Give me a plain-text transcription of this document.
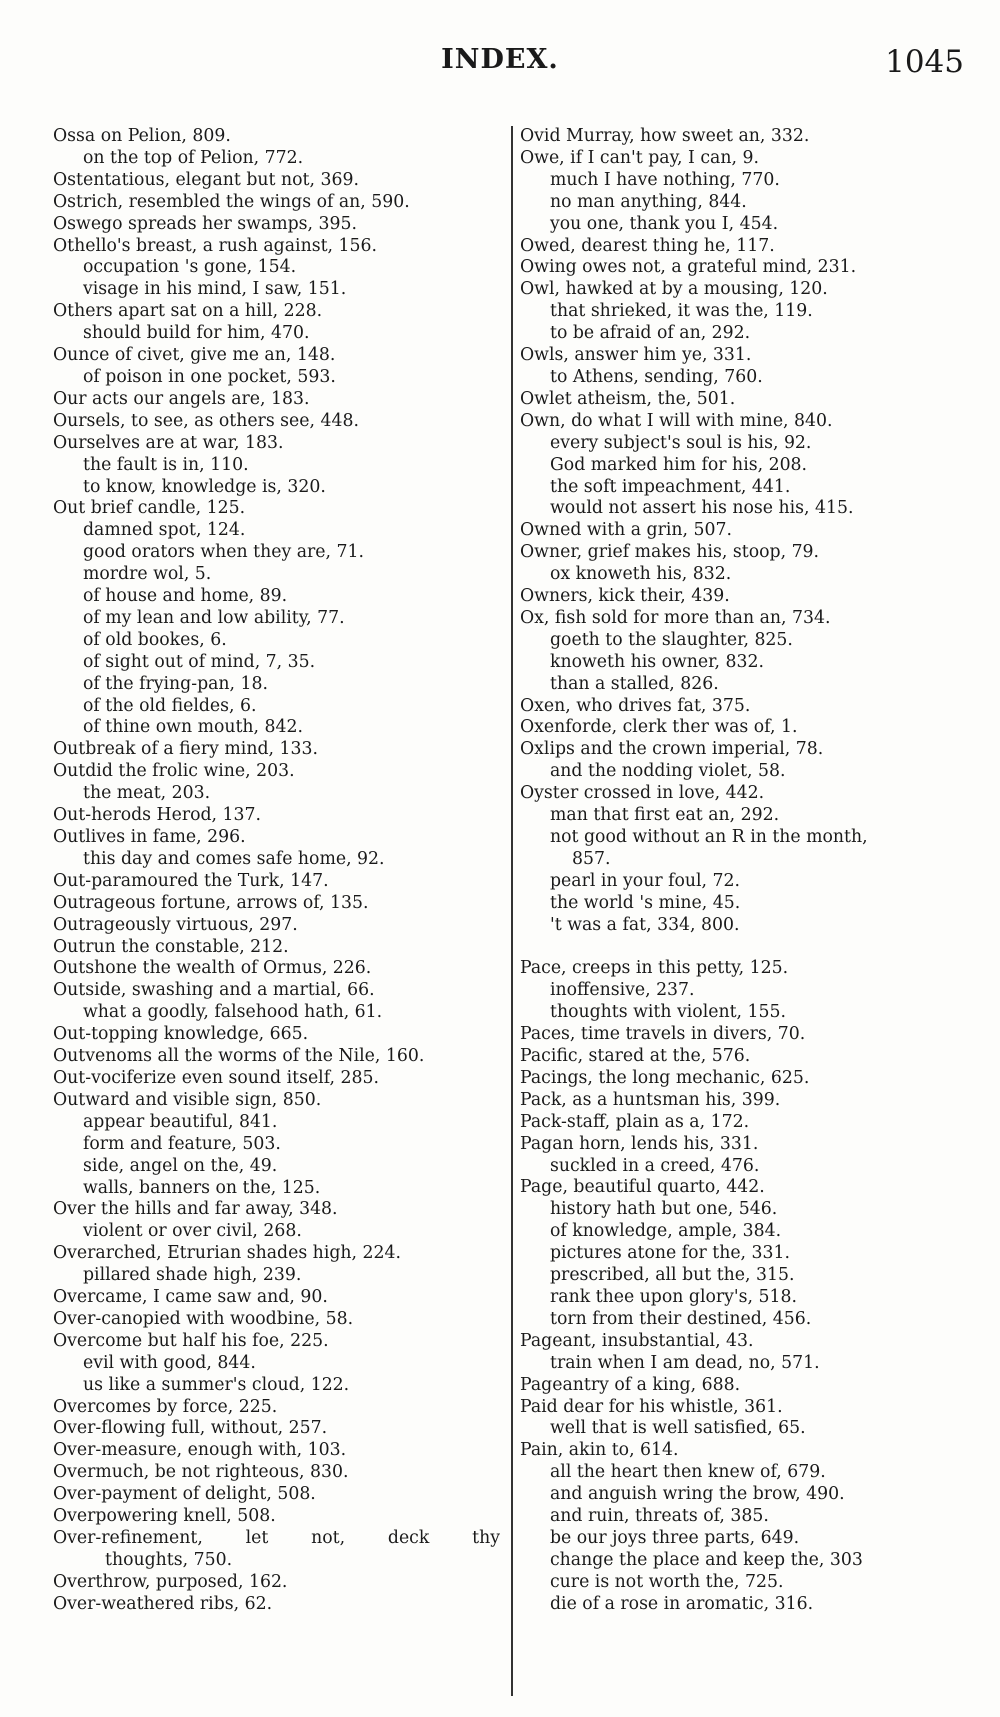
INDEX.	1045
Ossa on Pelion, 809.
on the top of Pelion, 772.
Ostentatious, elegant but not, 369.
Ostrich, resembled the wings of an, 590.
Oswego spreads her swamps, 395.
Othello's breast, a rush against, 156.
occupation 's gone, 154.
visage in his mind, I saw, 151.
Others apart sat on a hill, 228.
should build for him, 470.
Ounce of civet, give me an, 148.
of poison in one pocket, 593.
Our acts our angels are, 183.
Oursels, to see, as others see, 448.
Ourselves are at war, 183.
the fault is in, 110.
to know, knowledge is, 320.
Out brief candle, 125.
damned spot, 124.
good orators when they are, 71.
mordre wol, 5.
of house and home, 89.
of my lean and low ability, 77.
of old bookes, 6.
of sight out of mind, 7, 35.
of the frying-pan, 18.
of the old fieldes, 6.
of thine own mouth, 842.
Outbreak of a fiery mind, 133.
Outdid the frolic wine, 203.
the meat, 203.
Out-herods Herod, 137.
Outlives in fame, 296.
this day and comes safe home, 92.
Out-paramoured the Turk, 147.
Outrageous fortune, arrows of, 135.
Outrageously virtuous, 297.
Outrun the constable, 212.
Outshone the wealth of Ormus, 226.
Outside, swashing and a martial, 66.
what a goodly, falsehood hath, 61.
Out-topping knowledge, 665.
Outvenoms all the worms of the Nile, 160.
Out-vociferize even sound itself, 285.
Outward and visible sign, 850.
appear beautiful, 841.
form and feature, 503.
side, angel on the, 49.
walls, banners on the, 125.
Over the hills and far away, 348.
violent or over civil, 268.
Overarched, Etrurian shades high, 224.
pillared shade high, 239.
Overcame, I came saw and, 90.
Over-canopied with woodbine, 58.
Overcome but half his foe, 225.
evil with good, 844.
us like a summer's cloud, 122.
Overcomes by force, 225.
Over-flowing full, without, 257.
Over-measure, enough with, 103.
Overmuch, be not righteous, 830.
Over-payment of delight, 508.
Overpowering knell, 508.
Over-refinement, let not, deck thy
thoughts, 750.
Overthrow, purposed, 162.
Over-weathered ribs, 62.
Ovid Murray, how sweet an, 332.
Owe, if I can't pay, I can, 9.
much I have nothing, 770.
no man anything, 844.
you one, thank you I, 454.
Owed, dearest thing he, 117.
Owing owes not, a grateful mind, 231.
Owl, hawked at by a mousing, 120.
that shrieked, it was the, 119.
to be afraid of an, 292.
Owls, answer him ye, 331.
to Athens, sending, 760.
Owlet atheism, the, 501.
Own, do what I will with mine, 840.
every subject's soul is his, 92.
God marked him for his, 208.
the soft impeachment, 441.
would not assert his nose his, 415.
Owned with a grin, 507.
Owner, grief makes his, stoop, 79.
ox knoweth his, 832.
Owners, kick their, 439.
Ox, fish sold for more than an, 734.
goeth to the slaughter, 825.
knoweth his owner, 832.
than a stalled, 826.
Oxen, who drives fat, 375.
Oxenforde, clerk ther was of, 1.
Oxlips and the crown imperial, 78.
and the nodding violet, 58.
Oyster crossed in love, 442.
man that first eat an, 292.
not good without an R in the month,
857.
pearl in your foul, 72.
the world 's mine, 45.
't was a fat, 334, 800.
Pace, creeps in this petty, 125.
inoffensive, 237.
thoughts with violent, 155.
Paces, time travels in divers, 70.
Pacific, stared at the, 576.
Pacings, the long mechanic, 625.
Pack, as a huntsman his, 399.
Pack-staff, plain as a, 172.
Pagan horn, lends his, 331.
suckled in a creed, 476.
Page, beautiful quarto, 442.
history hath but one, 546.
of knowledge, ample, 384.
pictures atone for the, 331.
prescribed, all but the, 315.
rank thee upon glory's, 518.
torn from their destined, 456.
Pageant, insubstantial, 43.
train when I am dead, no, 571.
Pageantry of a king, 688.
Paid dear for his whistle, 361.
well that is well satisfied, 65.
Pain, akin to, 614.
all the heart then knew of, 679.
and anguish wring the brow, 490.
and ruin, threats of, 385.
be our joys three parts, 649.
change the place and keep the, 303
cure is not worth the, 725.
die of a rose in aromatic, 316.
